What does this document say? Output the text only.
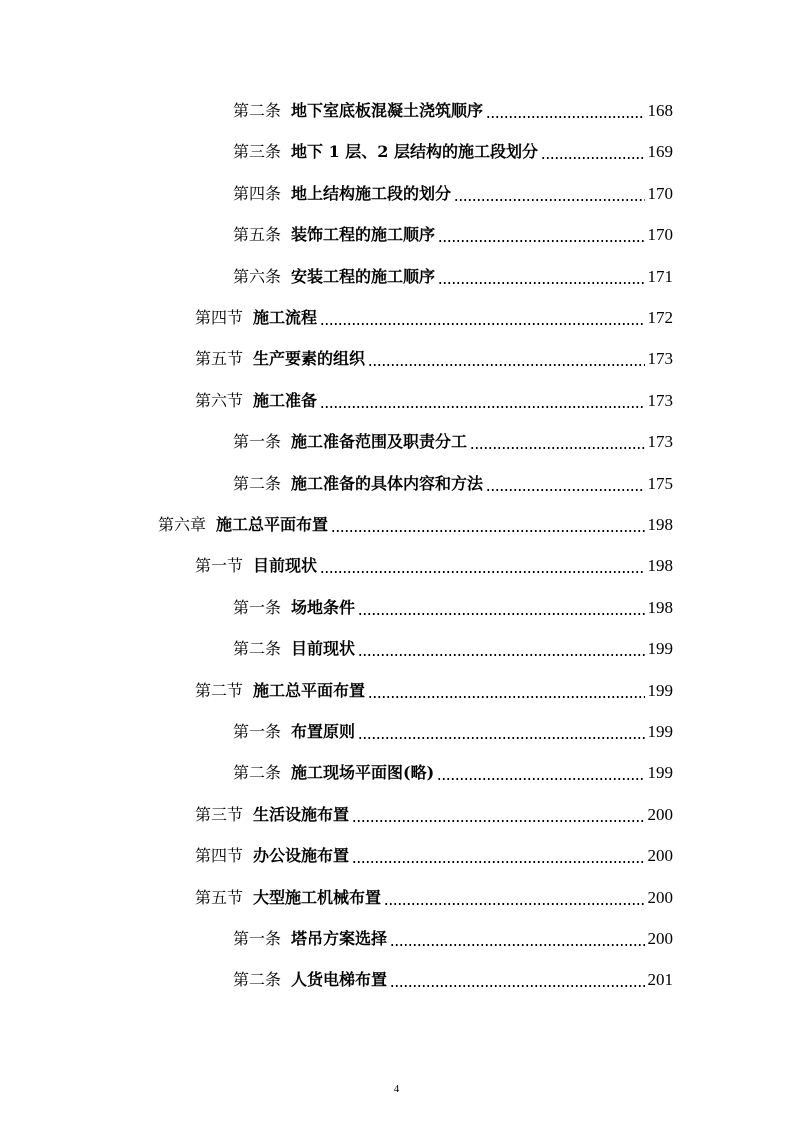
第二条 地下室底板混凝土浇筑顺序	168
第三条 地下 1 层、2 层结构的施工段划分	169
第四条 地上结构施工段的划分	170
第五条 装饰工程的施工顺序	170
第六条 安装工程的施工顺序	171
第四节 施工流程	172
第五节 生产要素的组织	173
第六节 施工准备	173
第一条 施工准备范围及职责分工	173
第二条 施工准备的具体内容和方法	175
第六章 施工总平面布置	198
第一节 目前现状	198
第一条 场地条件	198
第二条 目前现状	199
第二节 施工总平面布置	199
第一条 布置原则	199
第二条 施工现场平面图(略)	199
第三节 生活设施布置	200
第四节 办公设施布置	200
第五节 大型施工机械布置	200
第一条 塔吊方案选择	200
第二条 人货电梯布置	201
4
